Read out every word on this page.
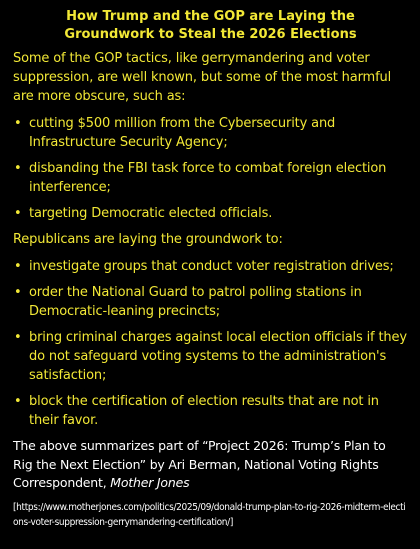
How Trump and the GOP are Laying the
Groundwork to Steal the 2026 Elections

Some of the GOP tactics, like gerrymandering and voter suppression, are well known, but some of the most harmful are more obscure, such as:

• cutting $500 million from the Cybersecurity and Infrastructure Security Agency;
• disbanding the FBI task force to combat foreign election interference;
• targeting Democratic elected officials.

Republicans are laying the groundwork to:

• investigate groups that conduct voter registration drives;
• order the National Guard to patrol polling stations in Democratic-leaning precincts;
• bring criminal charges against local election officials if they do not safeguard voting systems to the administration's satisfaction;
• block the certification of election results that are not in their favor.

The above summarizes part of “Project 2026: Trump’s Plan to Rig the Next Election” by Ari Berman, National Voting Rights Correspondent, Mother Jones

[https://www.motherjones.com/politics/2025/09/donald-trump-plan-to-rig-2026-midterm-elections-voter-suppression-gerrymandering-certification/]
